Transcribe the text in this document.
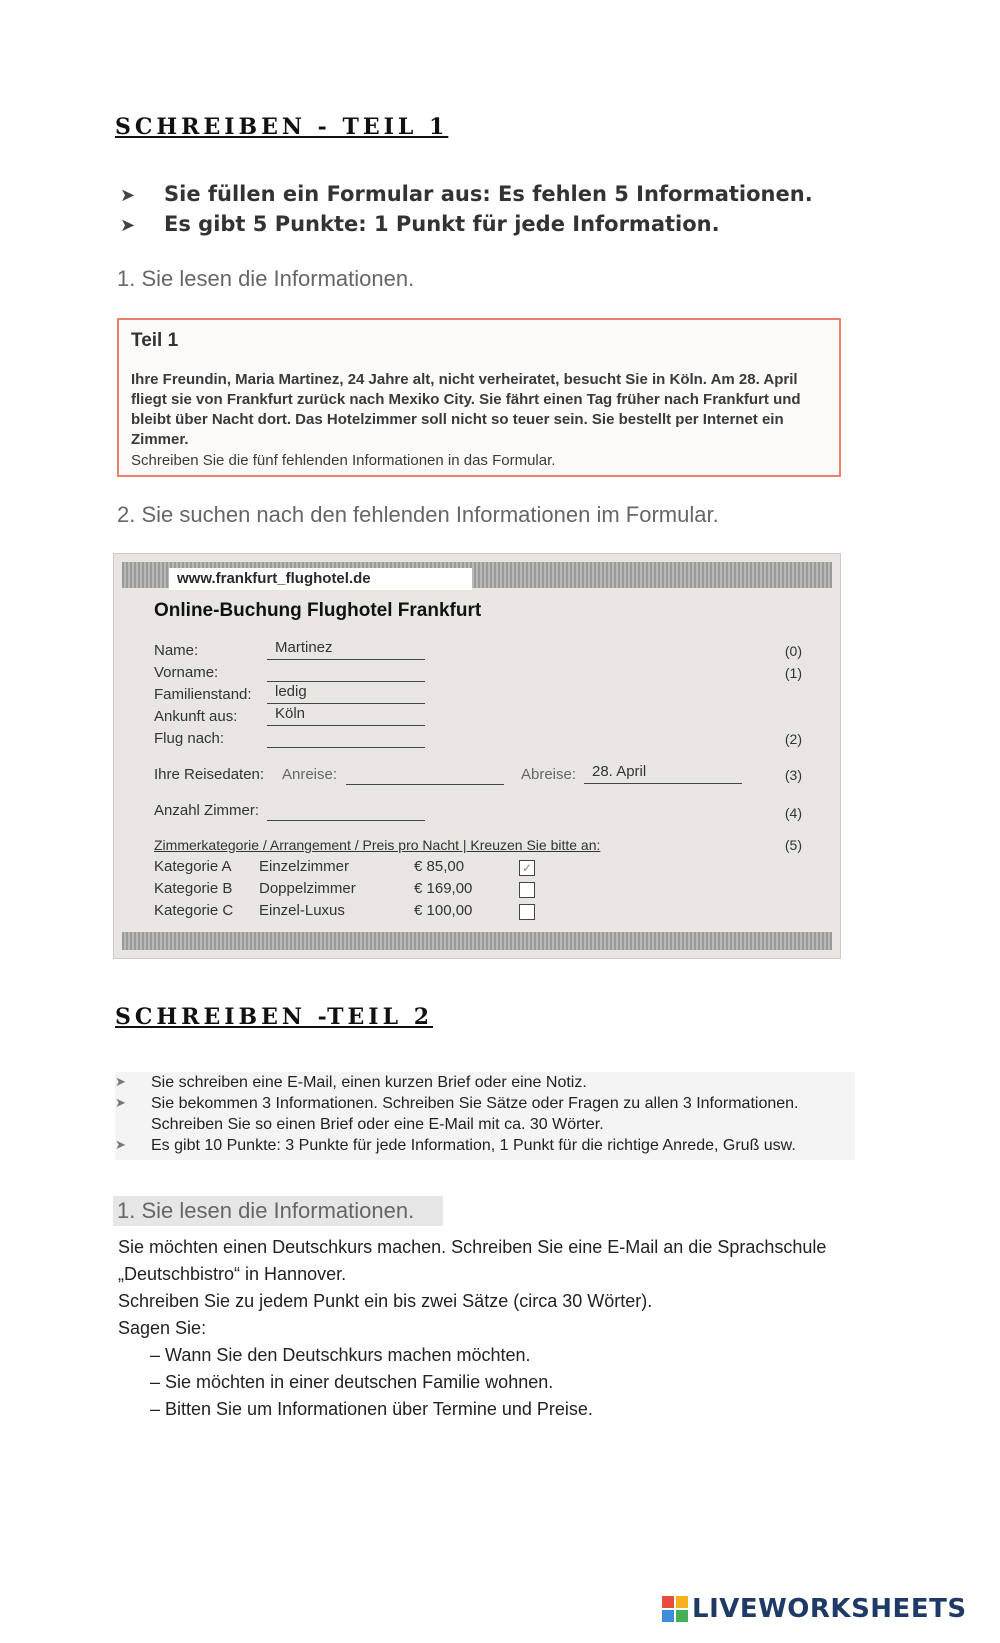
SCHREIBEN - TEIL 1
➤	Sie füllen ein Formular aus: Es fehlen 5 Informationen.
➤	Es gibt 5 Punkte: 1 Punkt für jede Information.
1. Sie lesen die Informationen.
Teil 1
Ihre Freundin, Maria Martinez, 24 Jahre alt, nicht verheiratet, besucht Sie in Köln. Am 28. April fliegt sie von Frankfurt zurück nach Mexiko City. Sie fährt einen Tag früher nach Frankfurt und bleibt über Nacht dort. Das Hotelzimmer soll nicht so teuer sein. Sie bestellt per Internet ein Zimmer.
Schreiben Sie die fünf fehlenden Informationen in das Formular.
2. Sie suchen nach den fehlenden Informationen im Formular.
www.frankfurt_flughotel.de
Online-Buchung Flughotel Frankfurt
Name:	Martinez	(0)
Vorname:	(1)
Familienstand:	ledig
Ankunft aus:	Köln
Flug nach:	(2)
Ihre Reisedaten: Anreise:	Abreise:	28. April	(3)
Anzahl Zimmer:	(4)
Zimmerkategorie / Arrangement / Preis pro Nacht | Kreuzen Sie bitte an:	(5)
Kategorie A Einzelzimmer	€ 85,00	✓
Kategorie B Doppelzimmer	€ 169,00
Kategorie C Einzel-Luxus	€ 100,00
SCHREIBEN -TEIL 2
➤	Sie schreiben eine E-Mail, einen kurzen Brief oder eine Notiz.
➤	Sie bekommen 3 Informationen. Schreiben Sie Sätze oder Fragen zu allen 3 Informationen.
Schreiben Sie so einen Brief oder eine E-Mail mit ca. 30 Wörter.
➤	Es gibt 10 Punkte: 3 Punkte für jede Information, 1 Punkt für die richtige Anrede, Gruß usw.
1. Sie lesen die Informationen.
Sie möchten einen Deutschkurs machen. Schreiben Sie eine E-Mail an die Sprachschule
„Deutschbistro“ in Hannover.
Schreiben Sie zu jedem Punkt ein bis zwei Sätze (circa 30 Wörter).
Sagen Sie:
– Wann Sie den Deutschkurs machen möchten.
– Sie möchten in einer deutschen Familie wohnen.
– Bitten Sie um Informationen über Termine und Preise.
LIVEWORKSHEETS
